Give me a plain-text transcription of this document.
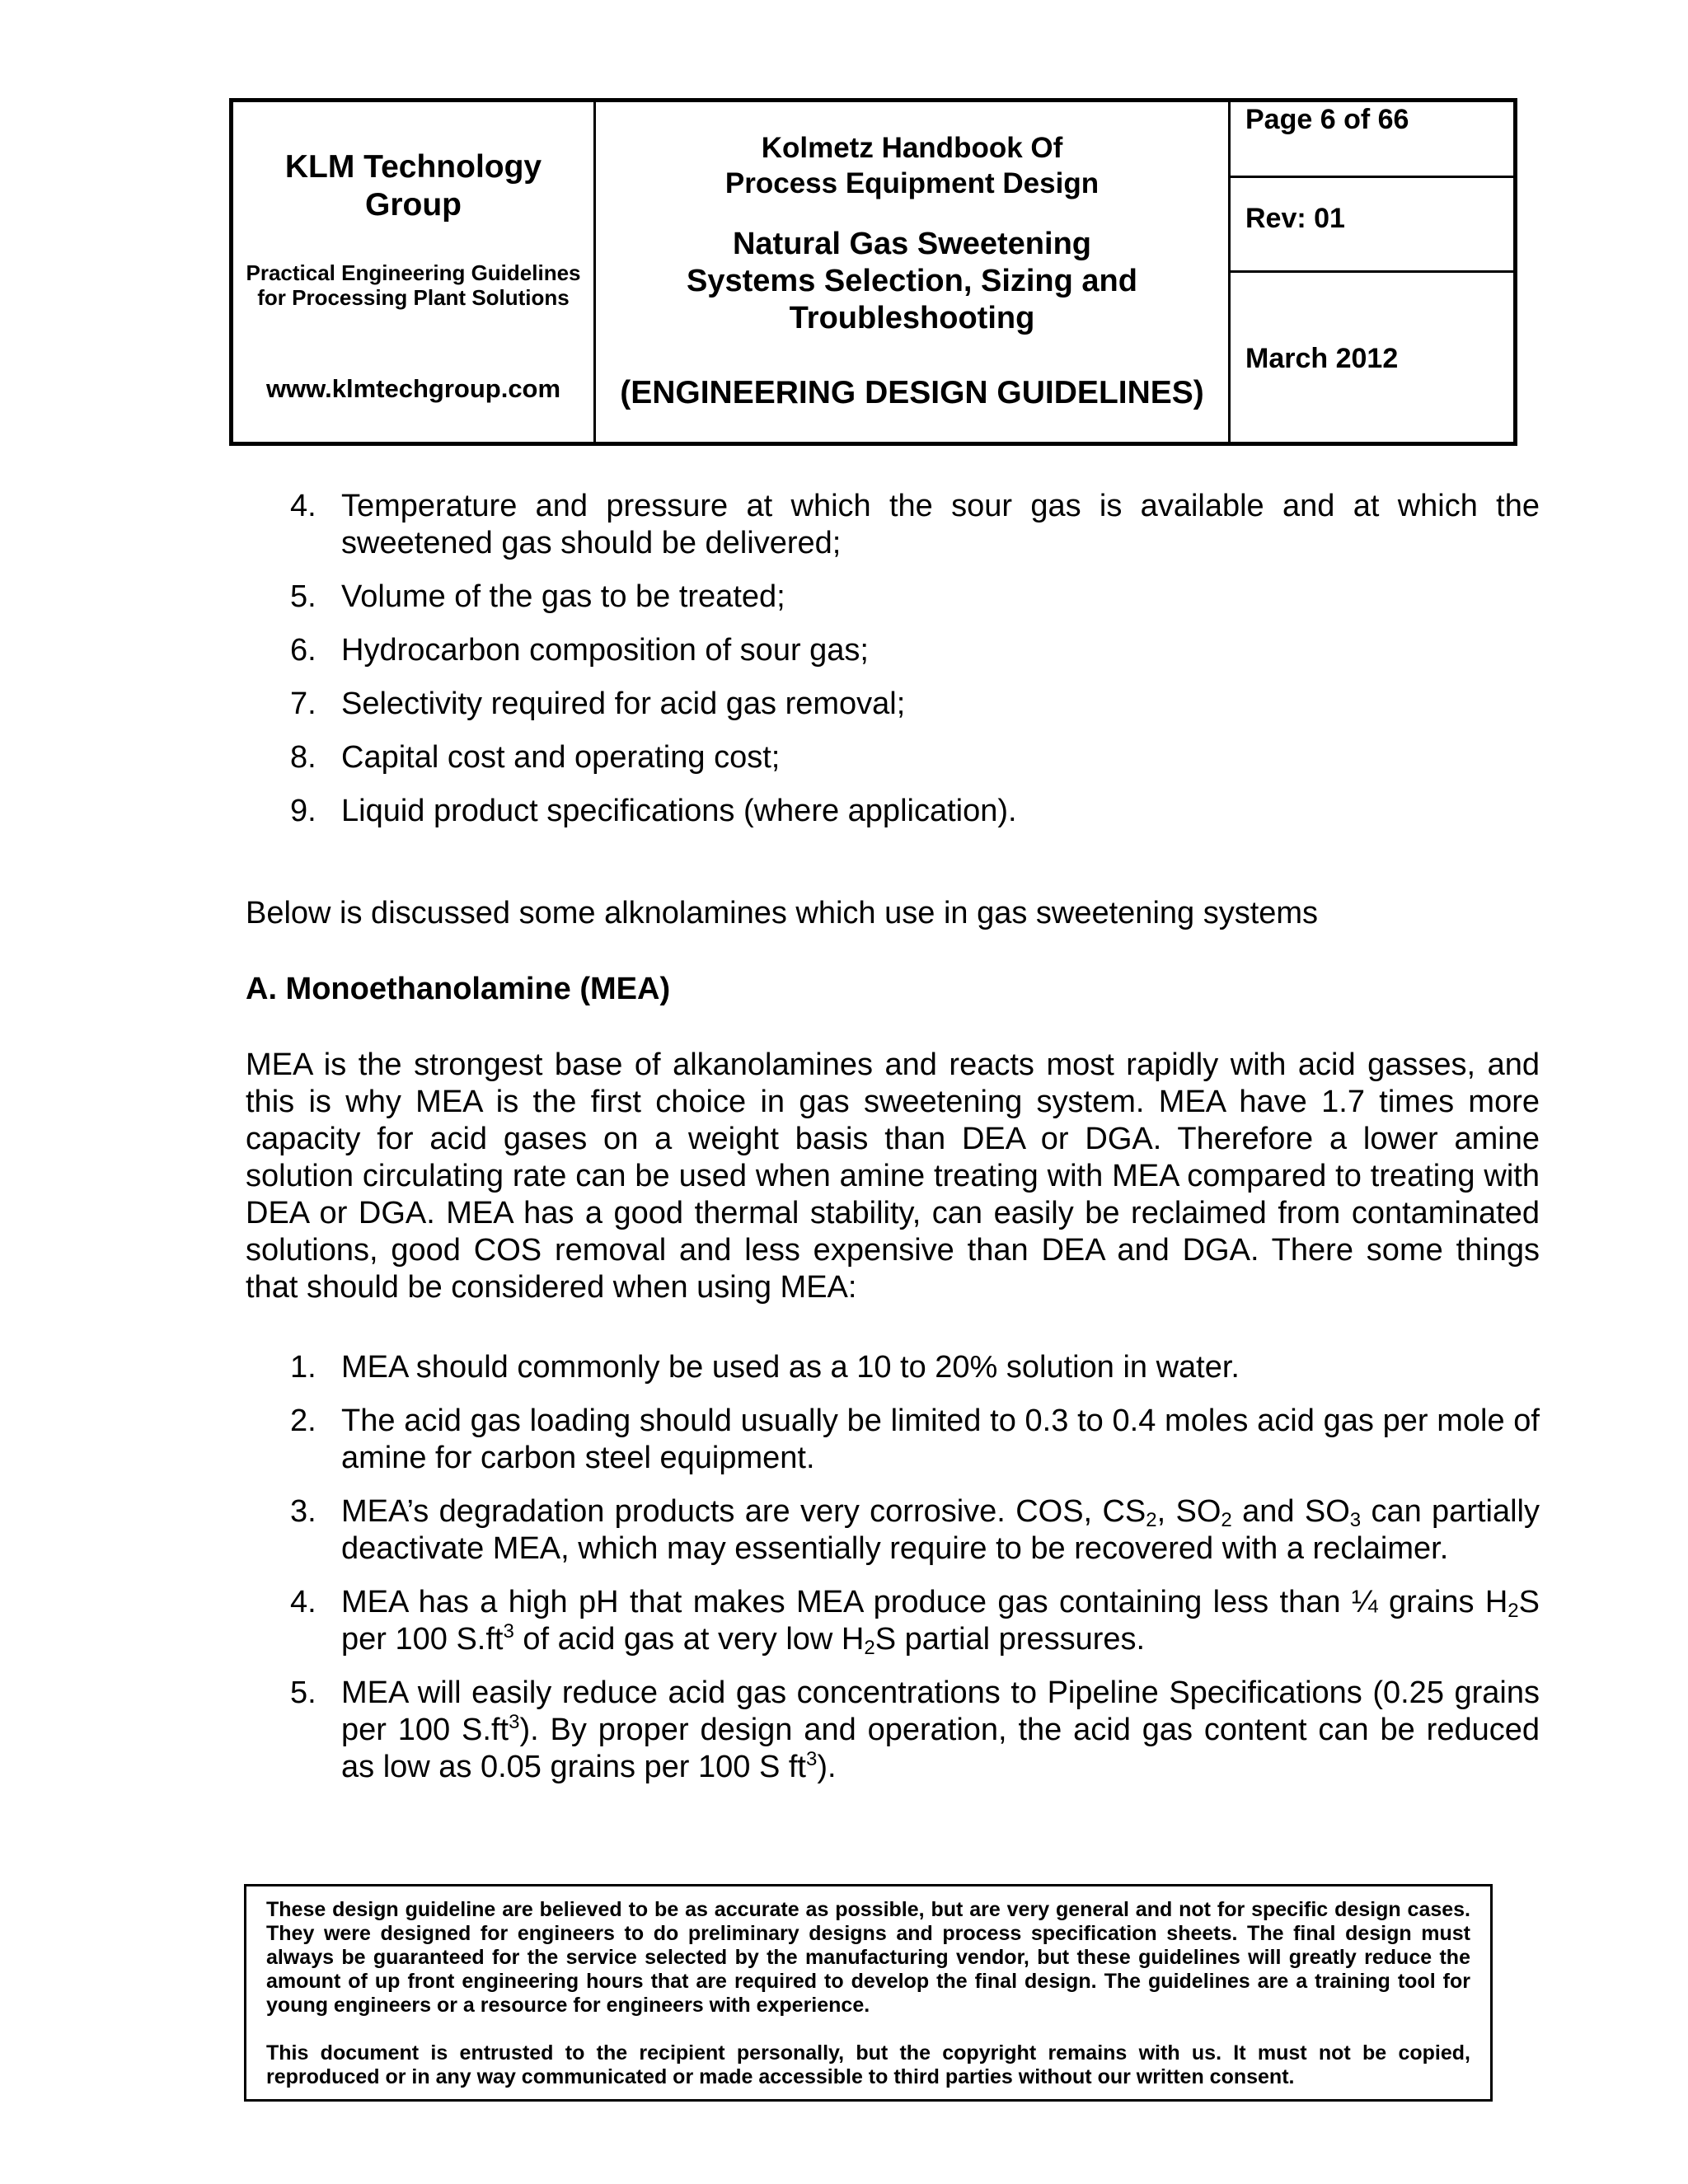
KLM Technology Group
Practical Engineering Guidelines for Processing Plant Solutions
www.klmtechgroup.com
Kolmetz Handbook Of Process Equipment Design
Natural Gas Sweetening Systems Selection, Sizing and Troubleshooting
(ENGINEERING DESIGN GUIDELINES)
Page 6 of 66
Rev: 01
March 2012
4. Temperature and pressure at which the sour gas is available and at which the sweetened gas should be delivered;
5. Volume of the gas to be treated;
6. Hydrocarbon composition of sour gas;
7. Selectivity required for acid gas removal;
8. Capital cost and operating cost;
9. Liquid product specifications (where application).
Below is discussed some alknolamines which use in gas sweetening systems
A. Monoethanolamine (MEA)
MEA is the strongest base of alkanolamines and reacts most rapidly with acid gasses, and this is why MEA is the first choice in gas sweetening system. MEA have 1.7 times more capacity for acid gases on a weight basis than DEA or DGA. Therefore a lower amine solution circulating rate can be used when amine treating with MEA compared to treating with DEA or DGA. MEA has a good thermal stability, can easily be reclaimed from contaminated solutions, good COS removal and less expensive than DEA and DGA. There some things that should be considered when using MEA:
1. MEA should commonly be used as a 10 to 20% solution in water.
2. The acid gas loading should usually be limited to 0.3 to 0.4 moles acid gas per mole of amine for carbon steel equipment.
3. MEA’s degradation products are very corrosive. COS, $CS_2$, $SO_2$ and $SO_3$ can partially deactivate MEA, which may essentially require to be recovered with a reclaimer.
4. MEA has a high pH that makes MEA produce gas containing less than ¼ grains $H_2S$ per 100 $S.ft^3$ of acid gas at very low $H_2S$ partial pressures.
5. MEA will easily reduce acid gas concentrations to Pipeline Specifications (0.25 grains per 100 $S.ft^3$). By proper design and operation, the acid gas content can be reduced as low as 0.05 grains per 100 S $ft^3$).

These design guideline are believed to be as accurate as possible, but are very general and not for specific design cases. They were designed for engineers to do preliminary designs and process specification sheets. The final design must always be guaranteed for the service selected by the manufacturing vendor, but these guidelines will greatly reduce the amount of up front engineering hours that are required to develop the final design. The guidelines are a training tool for young engineers or a resource for engineers with experience.

This document is entrusted to the recipient personally, but the copyright remains with us. It must not be copied, reproduced or in any way communicated or made accessible to third parties without our written consent.
